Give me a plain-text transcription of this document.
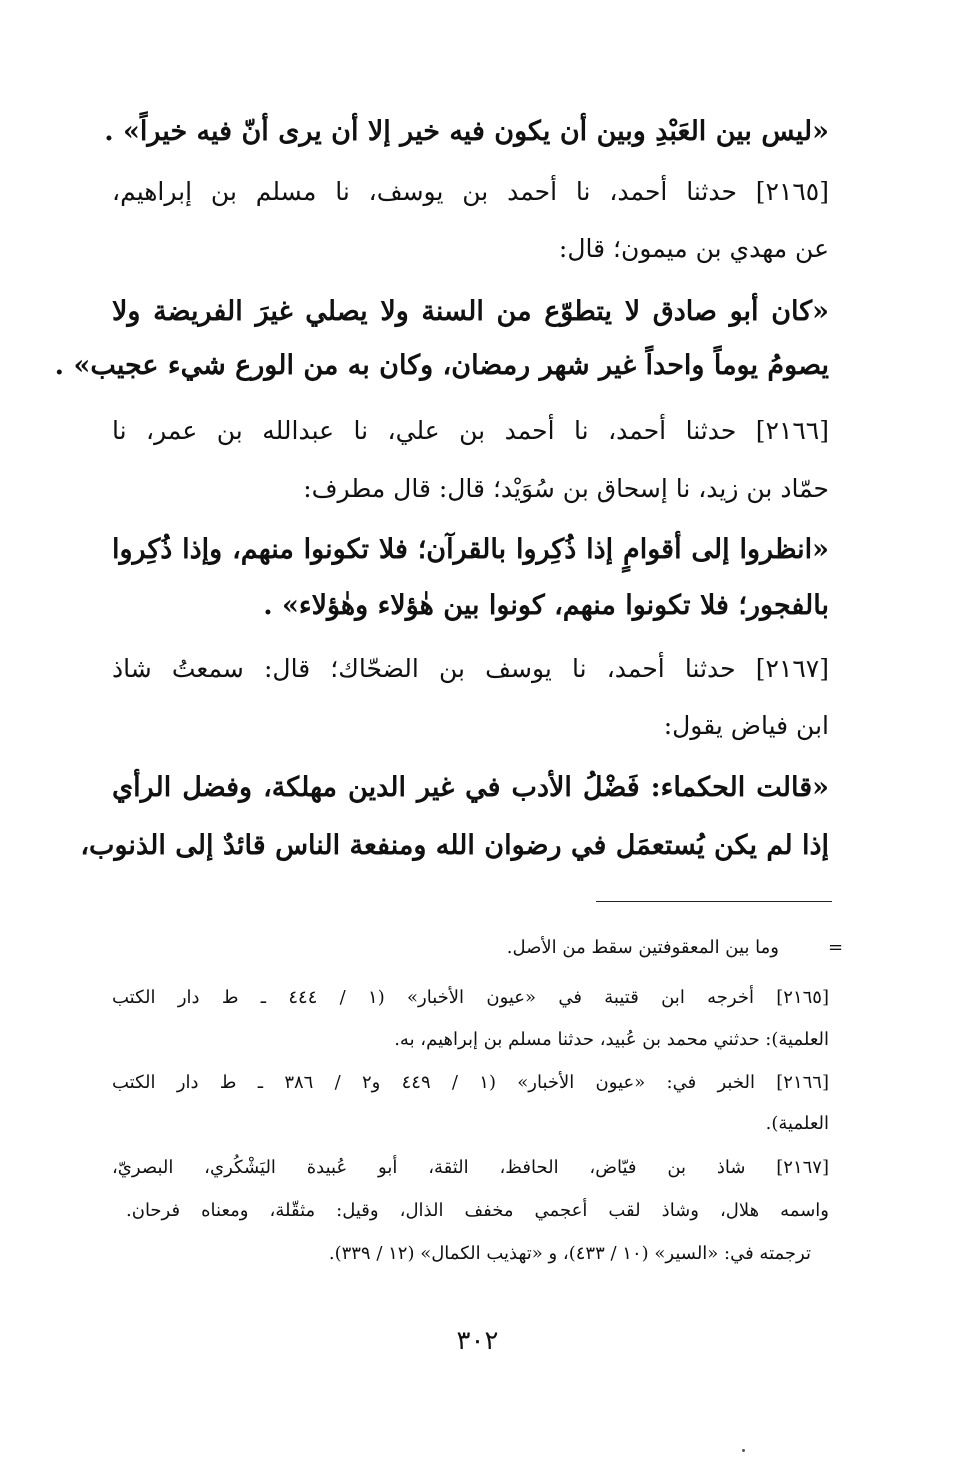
«ليس بين العَبْدِ وبين أن يكون فيه خير إلا أن يرى أنّ فيه خيراً» .

[٢١٦٥] حدثنا أحمد، نا أحمد بن يوسف، نا مسلم بن إبراهيم،

عن مهدي بن ميمون؛ قال:

«كان أبو صادق لا يتطوّع من السنة ولا يصلي غيرَ الفريضة ولا

يصومُ يوماً واحداً غير شهر رمضان، وكان به من الورع شيء عجيب» .

[٢١٦٦] حدثنا أحمد، نا أحمد بن علي، نا عبدالله بن عمر، نا

حمّاد بن زيد، نا إسحاق بن سُوَيْد؛ قال: قال مطرف:

«انظروا إلى أقوامٍ إذا ذُكِروا بالقرآن؛ فلا تكونوا منهم، وإذا ذُكِروا

بالفجور؛ فلا تكونوا منهم، كونوا بين هٰؤلاء وهٰؤلاء» .

[٢١٦٧] حدثنا أحمد، نا يوسف بن الضحّاك؛ قال: سمعتُ شاذ

ابن فياض يقول:

«قالت الحكماء: فَضْلُ الأدب في غير الدين مهلكة، وفضل الرأي

إذا لم يكن يُستعمَل في رضوان الله ومنفعة الناس قائدٌ إلى الذنوب،

=

وما بين المعقوفتين سقط من الأصل.

[٢١٦٥] أخرجه ابن قتيبة في «عيون الأخبار» (١ / ٤٤٤ ـ ط دار الكتب

العلمية): حدثني محمد بن عُبيد، حدثنا مسلم بن إبراهيم، به.

[٢١٦٦] الخبر في: «عيون الأخبار» (١ / ٤٤٩ و٢ / ٣٨٦ ـ ط دار الكتب

العلمية).

[٢١٦٧] شاذ بن فيّاض، الحافظ، الثقة، أبو عُبيدة اليَشْكُري، البصريّ،

واسمه هلال، وشاذ لقب أعجمي مخفف الذال، وقيل: مثقّلة، ومعناه فرحان.

ترجمته في: «السير» (١٠ / ٤٣٣)، و «تهذيب الكمال» (١٢ / ٣٣٩).

٣٠٢
